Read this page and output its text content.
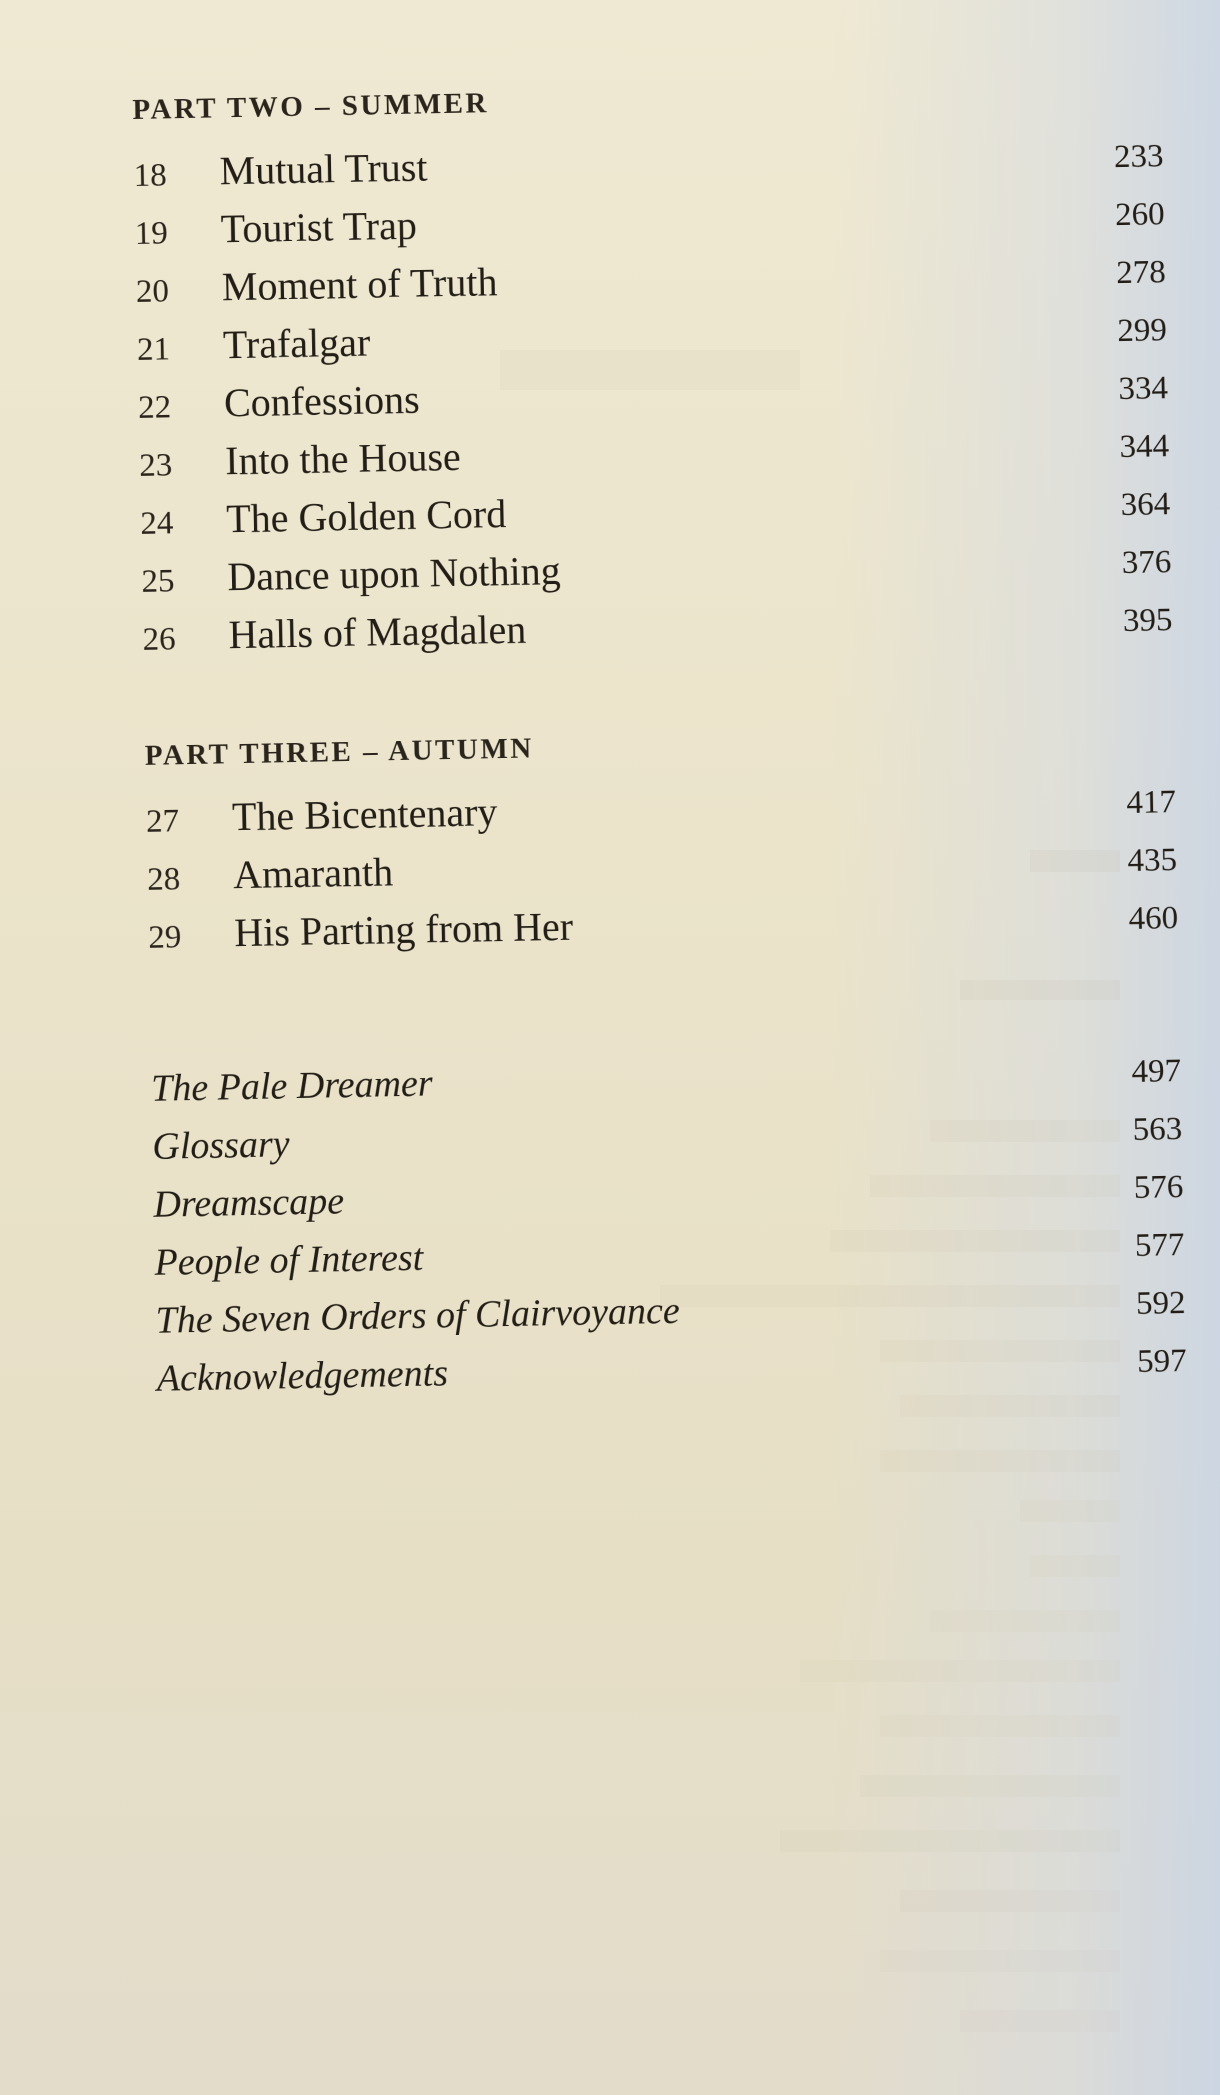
PART TWO – SUMMER
18	Mutual Trust	233
19	Tourist Trap	260
20	Moment of Truth	278
21	Trafalgar	299
22	Confessions	334
23	Into the House	344
24	The Golden Cord	364
25	Dance upon Nothing	376
26	Halls of Magdalen	395
PART THREE – AUTUMN
27	The Bicentenary	417
28	Amaranth	435
29	His Parting from Her	460
The Pale Dreamer	497
Glossary	563
Dreamscape	576
People of Interest	577
The Seven Orders of Clairvoyance	592
Acknowledgements	597
